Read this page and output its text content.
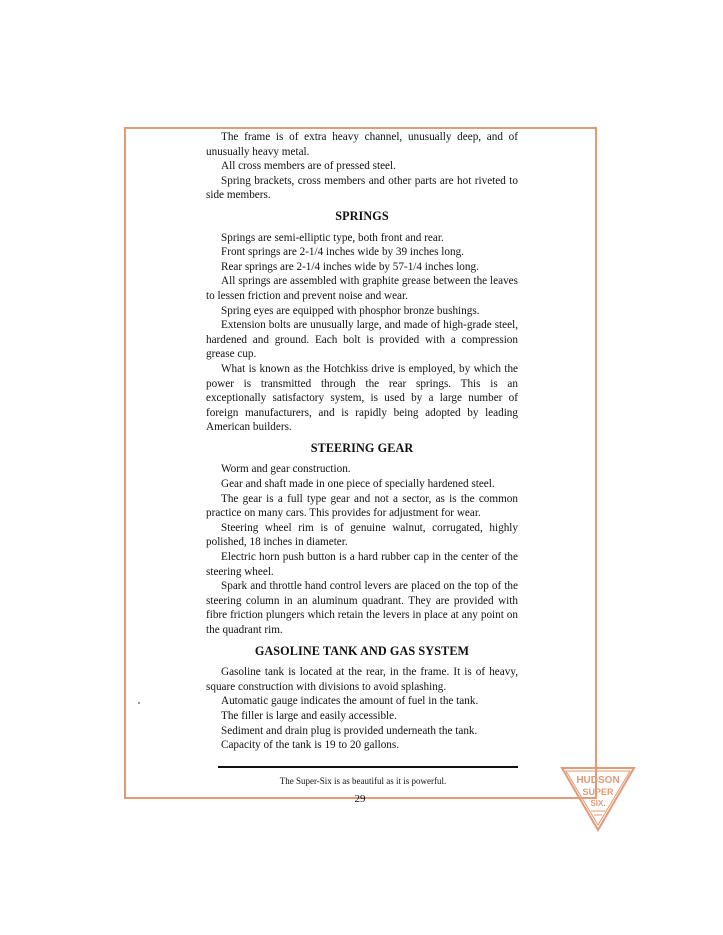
The frame is of extra heavy channel, unusually deep, and of unusually heavy metal.

All cross members are of pressed steel.

Spring brackets, cross members and other parts are hot riveted to side members.

SPRINGS

Springs are semi-elliptic type, both front and rear.

Front springs are 2-1/4 inches wide by 39 inches long.

Rear springs are 2-1/4 inches wide by 57-1/4 inches long.

All springs are assembled with graphite grease between the leaves to lessen friction and prevent noise and wear.

Spring eyes are equipped with phosphor bronze bushings.

Extension bolts are unusually large, and made of high-grade steel, hardened and ground. Each bolt is provided with a compression grease cup.

What is known as the Hotchkiss drive is employed, by which the power is transmitted through the rear springs. This is an exceptionally satisfactory system, is used by a large number of foreign manufacturers, and is rapidly being adopted by leading American builders.

STEERING GEAR

Worm and gear construction.

Gear and shaft made in one piece of specially hardened steel.

The gear is a full type gear and not a sector, as is the common practice on many cars. This provides for adjustment for wear.

Steering wheel rim is of genuine walnut, corrugated, highly polished, 18 inches in diameter.

Electric horn push button is a hard rubber cap in the center of the steering wheel.

Spark and throttle hand control levers are placed on the top of the steering column in an aluminum quadrant. They are provided with fibre friction plungers which retain the levers in place at any point on the quadrant rim.

GASOLINE TANK AND GAS SYSTEM

Gasoline tank is located at the rear, in the frame. It is of heavy, square construction with divisions to avoid splashing.

Automatic gauge indicates the amount of fuel in the tank.

The filler is large and easily accessible.

Sediment and drain plug is provided underneath the tank.

Capacity of the tank is 19 to 20 gallons.

The Super-Six is as beautiful as it is powerful.
29
HUDSON
SUPER
SIX.
